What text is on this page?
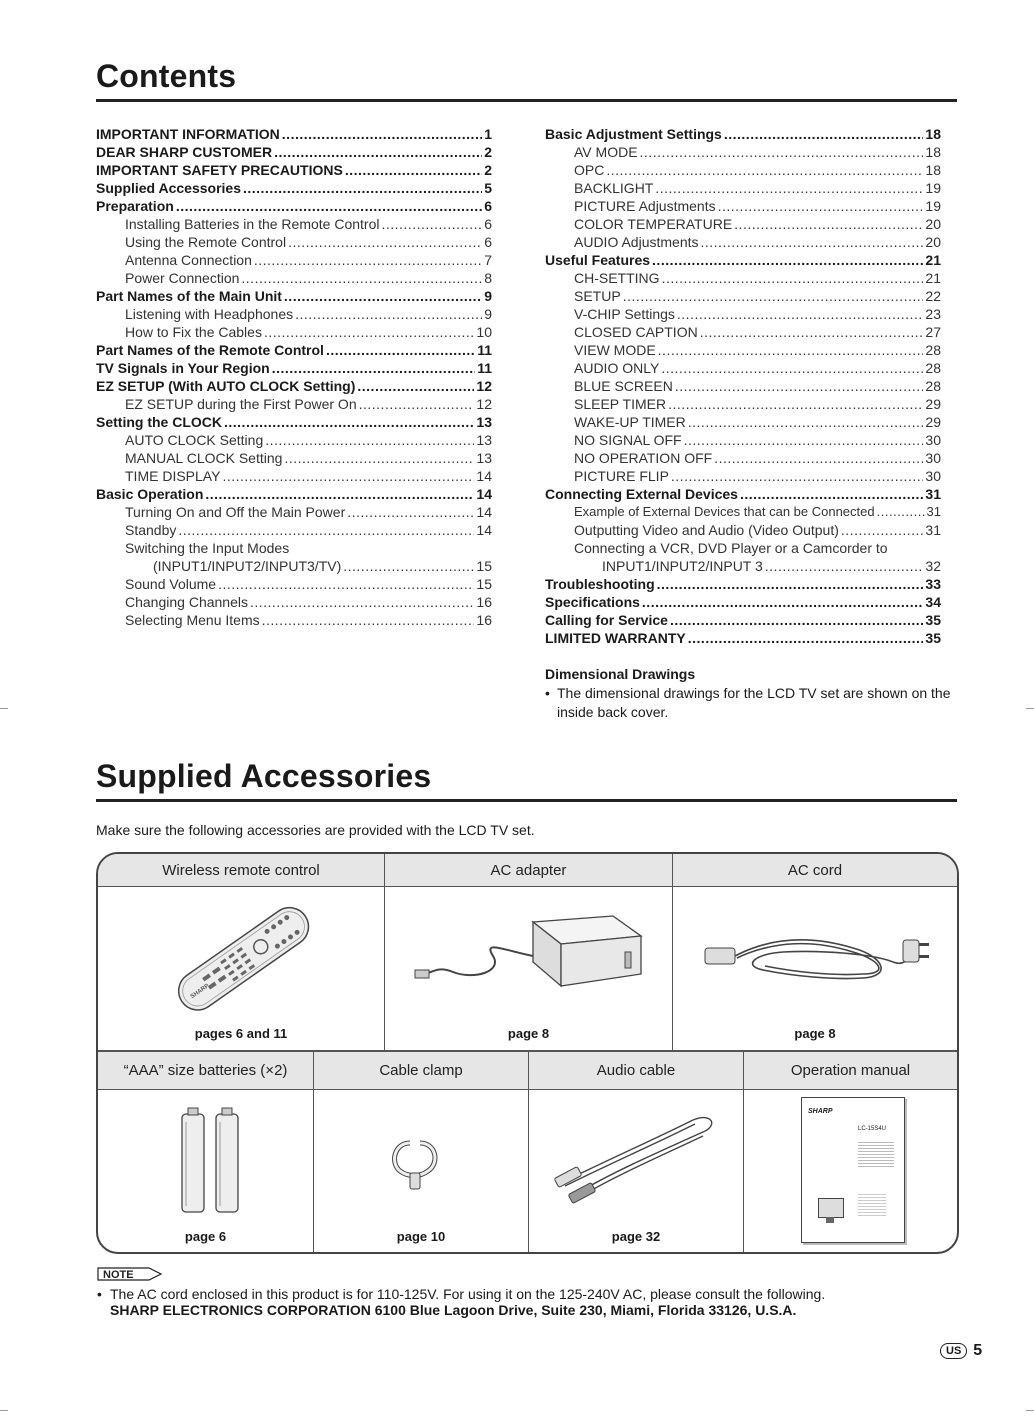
Contents
IMPORTANT INFORMATION .....	1
DEAR SHARP CUSTOMER .....	2
IMPORTANT SAFETY PRECAUTIONS .....	2
Supplied Accessories .....	5
Preparation .....	6
Installing Batteries in the Remote Control .....	6
Using the Remote Control .....	6
Antenna Connection .....	7
Power Connection .....	8
Part Names of the Main Unit .....	9
Listening with Headphones .....	9
How to Fix the Cables .....	10
Part Names of the Remote Control .....	11
TV Signals in Your Region .....	11
EZ SETUP (With AUTO CLOCK Setting) .....	12
EZ SETUP during the First Power On .....	12
Setting the CLOCK .....	13
AUTO CLOCK Setting .....	13
MANUAL CLOCK Setting .....	13
TIME DISPLAY .....	14
Basic Operation .....	14
Turning On and Off the Main Power .....	14
Standby .....	14
Switching the Input Modes
(INPUT1/INPUT2/INPUT3/TV) .....	15
Sound Volume .....	15
Changing Channels .....	16
Selecting Menu Items .....	16
Basic Adjustment Settings .....	18
AV MODE .....	18
OPC .....	18
BACKLIGHT .....	19
PICTURE Adjustments .....	19
COLOR TEMPERATURE .....	20
AUDIO Adjustments .....	20
Useful Features .....	21
CH-SETTING .....	21
SETUP .....	22
V-CHIP Settings .....	23
CLOSED CAPTION .....	27
VIEW MODE .....	28
AUDIO ONLY .....	28
BLUE SCREEN .....	28
SLEEP TIMER .....	29
WAKE-UP TIMER .....	29
NO SIGNAL OFF .....	30
NO OPERATION OFF .....	30
PICTURE FLIP .....	30
Connecting External Devices .....	31
Example of External Devices that can be Connected .....	31
Outputting Video and Audio (Video Output) .....	31
Connecting a VCR, DVD Player or a Camcorder to
INPUT1/INPUT2/INPUT 3 .....	32
Troubleshooting .....	33
Specifications .....	34
Calling for Service .....	35
LIMITED WARRANTY .....	35
Dimensional Drawings
• The dimensional drawings for the LCD TV set are shown on the inside back cover.
Supplied Accessories
Make sure the following accessories are provided with the LCD TV set.
Wireless remote control	AC adapter	AC cord
“AAA” size batteries (×2)	Cable clamp	Audio cable	Operation manual
SHARP
pages 6 and 11	page 8	page 8
page 6	page 10	page 32
SHARP
LC-15S4U
NOTE
• The AC cord enclosed in this product is for 110-125V. For using it on the 125-240V AC, please consult the following.
SHARP ELECTRONICS CORPORATION 6100 Blue Lagoon Drive, Suite 230, Miami, Florida 33126, U.S.A.
US 5
